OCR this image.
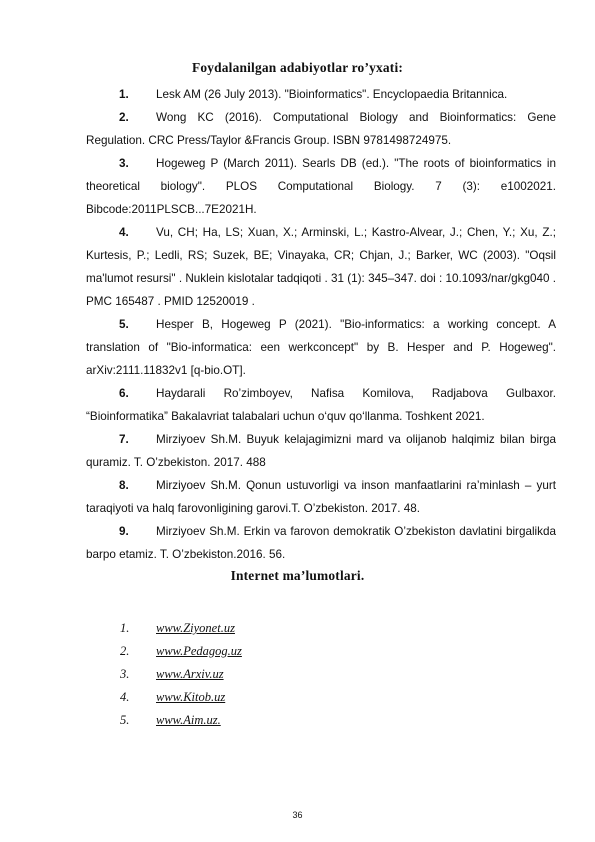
Foydalanilgan adabiyotlar ro’yxati:
1. Lesk AM (26 July 2013). "Bioinformatics". Encyclopaedia Britannica.
2. Wong KC (2016). Computational Biology and Bioinformatics: Gene Regulation. CRC Press/Taylor &Francis Group. ISBN 9781498724975.
3. Hogeweg P (March 2011). Searls DB (ed.). "The roots of bioinformatics in theoretical biology". PLOS Computational Biology. 7 (3): e1002021. Bibcode:2011PLSCB...7E2021H.
4. Vu, CH; Ha, LS; Xuan, X.; Arminski, L.; Kastro-Alvear, J.; Chen, Y.; Xu, Z.; Kurtesis, P.; Ledli, RS; Suzek, BE; Vinayaka, CR; Chjan, J.; Barker, WC (2003). "Oqsil ma'lumot resursi" . Nuklein kislotalar tadqiqoti . 31 (1): 345–347. doi : 10.1093/nar/gkg040 . PMC 165487 . PMID 12520019 .
5. Hesper B, Hogeweg P (2021). "Bio-informatics: a working concept. A translation of "Bio-informatica: een werkconcept" by B. Hesper and P. Hogeweg". arXiv:2111.11832v1 [q-bio.OT].
6. Haydarali Ro’zimboyev, Nafisa Komilova, Radjabova Gulbaxor. “Bioinformatika” Bakalavriat talabalari uchun o‘quv qo‘llanma. Toshkent 2021.
7. Mirziyoev Sh.M. Buyuk kelajagimizni mard va olijanob halqimiz bilan birga quramiz. T. O’zbekiston. 2017. 488
8. Mirziyoev Sh.M. Qonun ustuvorligi va inson manfaatlarini ra’minlash – yurt taraqiyoti va halq farovonligining garovi.T. O’zbekiston. 2017. 48.
9. Mirziyoev Sh.M. Erkin va farovon demokratik O’zbekiston davlatini birgalikda barpo etamiz. T. O’zbekiston.2016. 56.
Internet ma’lumotlari.
1. www.Ziyonet.uz
2. www.Pedagog.uz
3. www.Arxiv.uz
4. www.Kitob.uz
5. www.Aim.uz.
36
